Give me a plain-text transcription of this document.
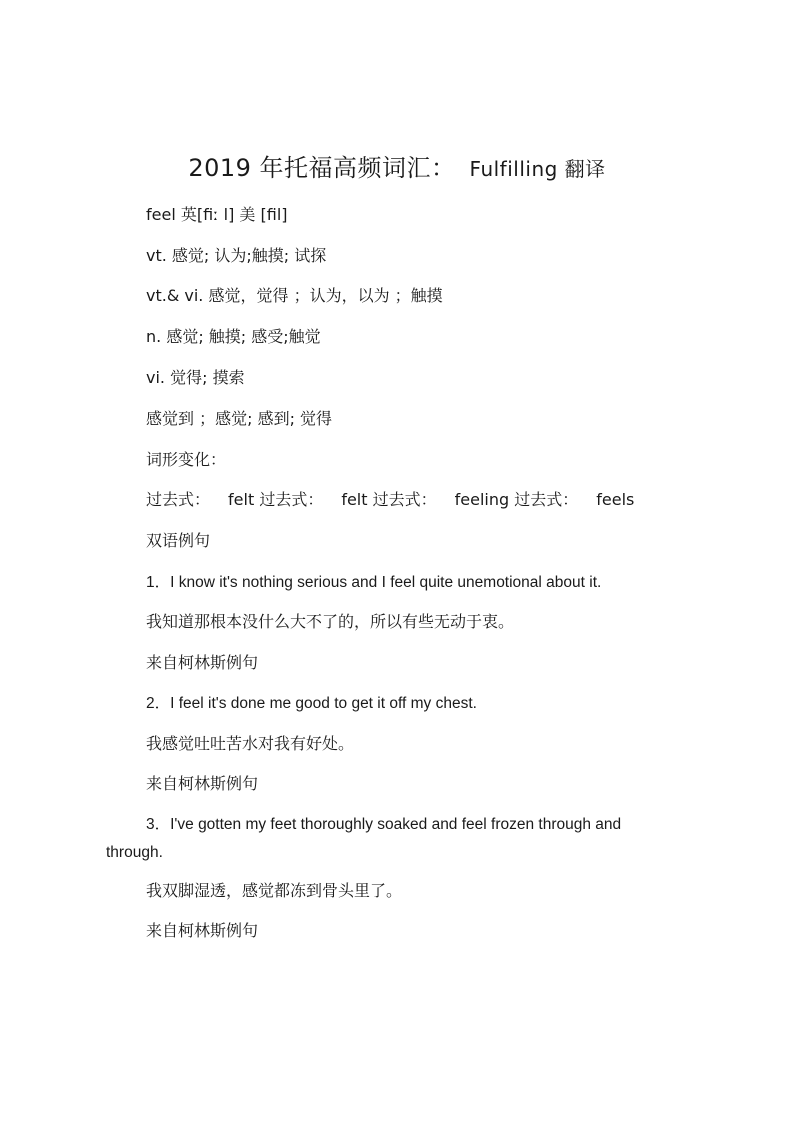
2019 年托福高频词汇： Fulfilling 翻译
feel 英[fiː l] 美 [fil]
vt. 感觉; 认为;触摸; 试探
vt.& vi. 感觉，觉得 ；认为，以为 ；触摸
n. 感觉; 触摸; 感受;触觉
vi. 觉得; 摸索
感觉到 ；感觉; 感到; 觉得
词形变化：
过去式： felt 过去式： felt 过去式： feeling 过去式： feels
双语例句
1．I know it's nothing serious and I feel quite unemotional about it.
我知道那根本没什么大不了的，所以有些无动于衷。
来自柯林斯例句
2．I feel it's done me good to get it off my chest.
我感觉吐吐苦水对我有好处。
来自柯林斯例句
3．I've gotten my feet thoroughly soaked and feel frozen through and through.
我双脚湿透，感觉都冻到骨头里了。
来自柯林斯例句
